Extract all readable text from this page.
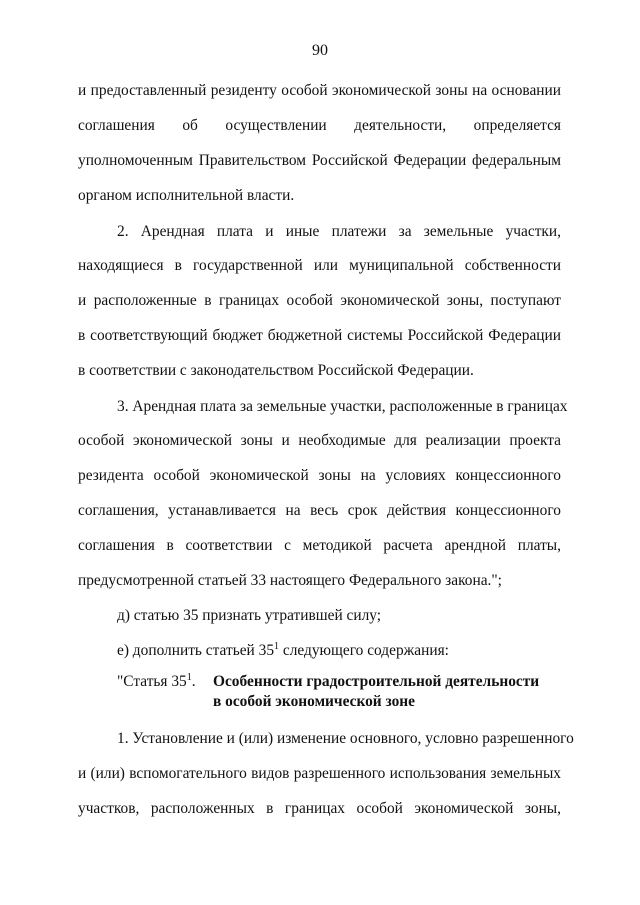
90
и предоставленный резиденту особой экономической зоны на основании
соглашения об осуществлении деятельности, определяется
уполномоченным Правительством Российской Федерации федеральным
органом исполнительной власти.
2. Арендная плата и иные платежи за земельные участки,
находящиеся в государственной или муниципальной собственности
и расположенные в границах особой экономической зоны, поступают
в соответствующий бюджет бюджетной системы Российской Федерации
в соответствии с законодательством Российской Федерации.
3. Арендная плата за земельные участки, расположенные в границах
особой экономической зоны и необходимые для реализации проекта
резидента особой экономической зоны на условиях концессионного
соглашения, устанавливается на весь срок действия концессионного
соглашения в соответствии с методикой расчета арендной платы,
предусмотренной статьей 33 настоящего Федерального закона.";
д) статью 35 признать утратившей силу;
е) дополнить статьей $35^1$ следующего содержания:
"Статья $35^1$. Особенности градостроительной деятельности
в особой экономической зоне
1. Установление и (или) изменение основного, условно разрешенного
и (или) вспомогательного видов разрешенного использования земельных
участков, расположенных в границах особой экономической зоны,
